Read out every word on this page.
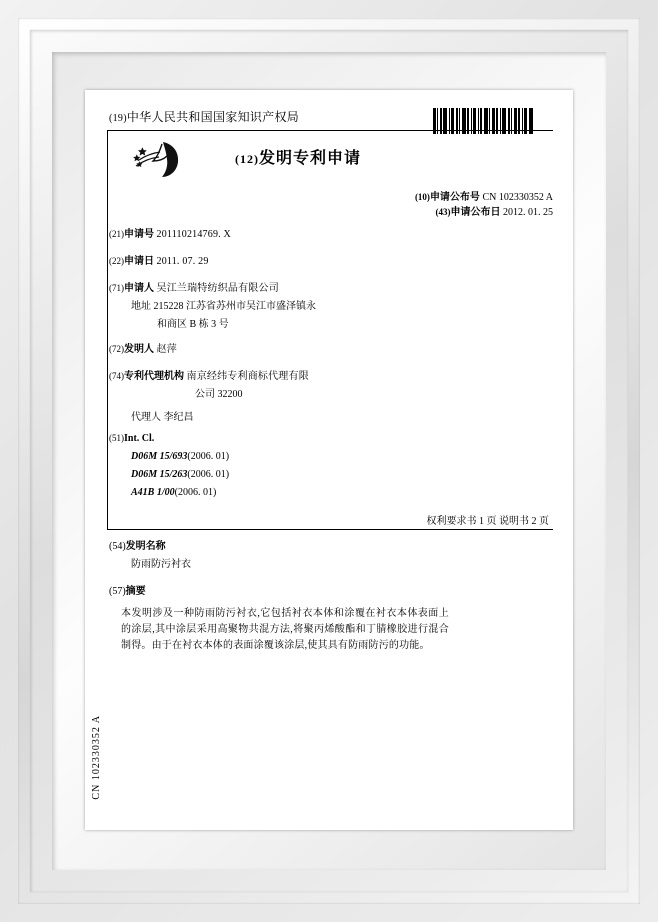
(19)中华人民共和国国家知识产权局
(12)发明专利申请
(10)申请公布号 CN 102330352 A
(43)申请公布日 2012. 01. 25
(21)申请号 201110214769. X
(22)申请日 2011. 07. 29
(71)申请人 吴江兰瑞特纺织品有限公司
地址 215228 江苏省苏州市吴江市盛泽镇永
和商区 B 栋 3 号
(72)发明人 赵萍
(74)专利代理机构 南京经纬专利商标代理有限
公司 32200
代理人 李纪昌
(51)Int. Cl.
D06M 15/693(2006. 01)
D06M 15/263(2006. 01)
A41B 1/00(2006. 01)
权利要求书 1 页 说明书 2 页
(54)发明名称
防雨防污衬衣
(57)摘要
本发明涉及一种防雨防污衬衣,它包括衬衣本体和涂覆在衬衣本体表面上的涂层,其中涂层采用高聚物共混方法,将聚丙烯酸酯和丁腈橡胶进行混合制得。由于在衬衣本体的表面涂覆该涂层,使其具有防雨防污的功能。
CN 102330352 A
